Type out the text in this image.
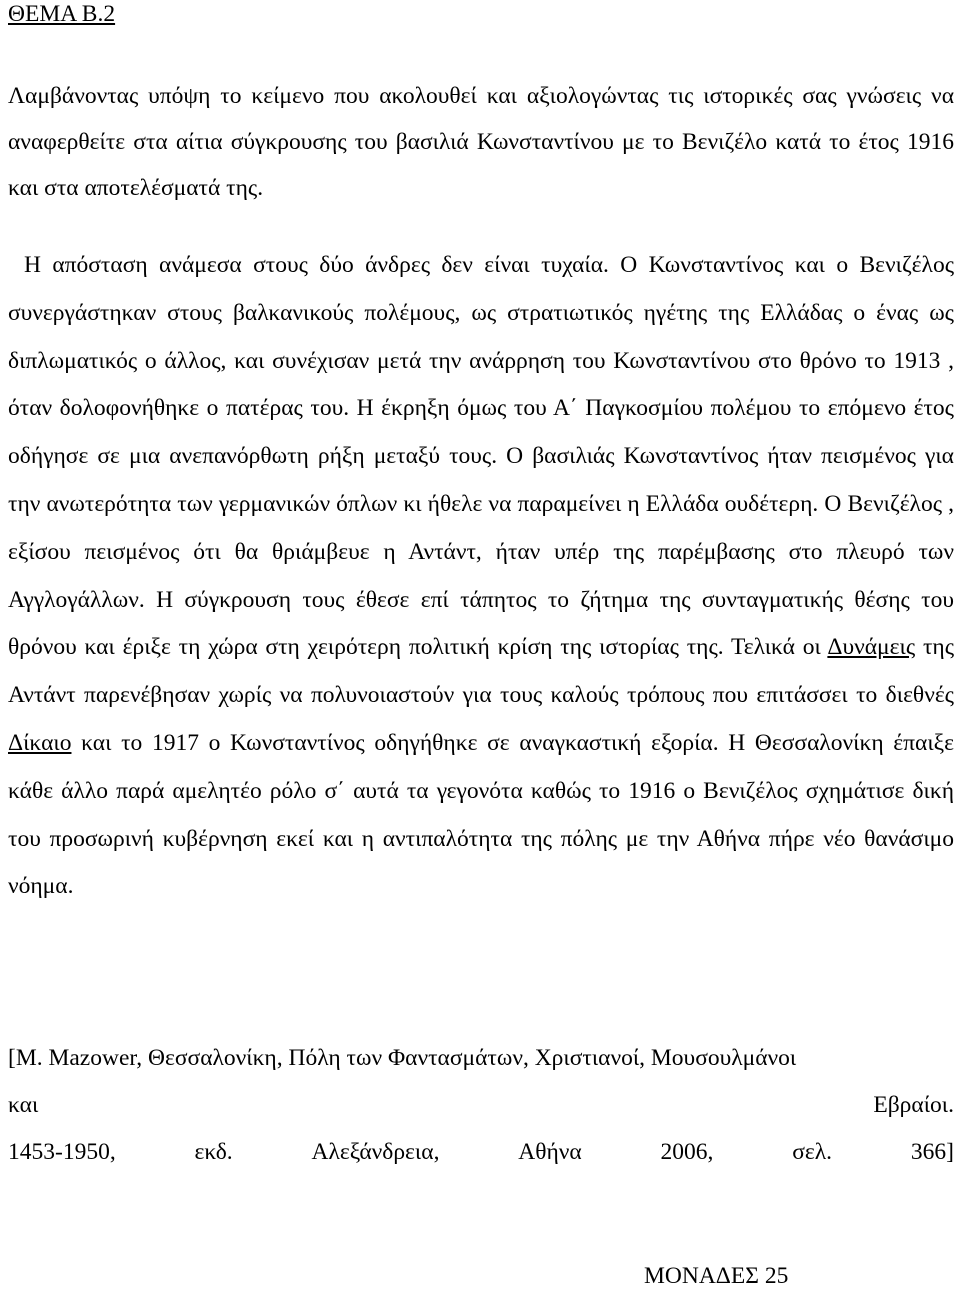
ΘΕΜΑ Β.2

Λαμβάνοντας υπόψη το κείμενο που ακολουθεί και αξιολογώντας τις ιστορικές σας γνώσεις να αναφερθείτε στα αίτια σύγκρουσης του βασιλιά Κωνσταντίνου με το Βενιζέλο κατά το έτος 1916 και στα αποτελέσματά της.

Η απόσταση ανάμεσα στους δύο άνδρες δεν είναι τυχαία. Ο Κωνσταντίνος και ο Βενιζέλος συνεργάστηκαν στους βαλκανικούς πολέμους, ως στρατιωτικός ηγέτης της Ελλάδας ο ένας ως διπλωματικός ο άλλος, και συνέχισαν μετά την ανάρρηση του Κωνσταντίνου στο θρόνο το 1913 , όταν δολοφονήθηκε ο πατέρας του. Η έκρηξη όμως του Α΄ Παγκοσμίου πολέμου το επόμενο έτος οδήγησε σε μια ανεπανόρθωτη ρήξη μεταξύ τους. Ο βασιλιάς Κωνσταντίνος ήταν πεισμένος για την ανωτερότητα των γερμανικών όπλων κι ήθελε να παραμείνει η Ελλάδα ουδέτερη. Ο Βενιζέλος , εξίσου πεισμένος ότι θα θριάμβευε η Αντάντ, ήταν υπέρ της παρέμβασης στο πλευρό των Αγγλογάλλων. Η σύγκρουση τους έθεσε επί τάπητος το ζήτημα της συνταγματικής θέσης του θρόνου και έριξε τη χώρα στη χειρότερη πολιτική κρίση της ιστορίας της. Τελικά οι Δυνάμεις της Αντάντ παρενέβησαν χωρίς να πολυνοιαστούν για τους καλούς τρόπους που επιτάσσει το διεθνές Δίκαιο και το 1917 ο Κωνσταντίνος οδηγήθηκε σε αναγκαστική εξορία. Η Θεσσαλονίκη έπαιξε κάθε άλλο παρά αμελητέο ρόλο σ΄ αυτά τα γεγονότα καθώς το 1916 ο Βενιζέλος σχημάτισε δική του προσωρινή κυβέρνηση εκεί και η αντιπαλότητα της πόλης με την Αθήνα πήρε νέο θανάσιμο νόημα.

[Μ. Mazower, Θεσσαλονίκη, Πόλη των Φαντασμάτων, Χριστιανοί, Μουσουλμάνοι
και	Εβραίοι.
1453-1950,	εκδ.	Αλεξάνδρεια,	Αθήνα	2006,	σελ.	366]
ΜΟΝΑΔΕΣ 25
